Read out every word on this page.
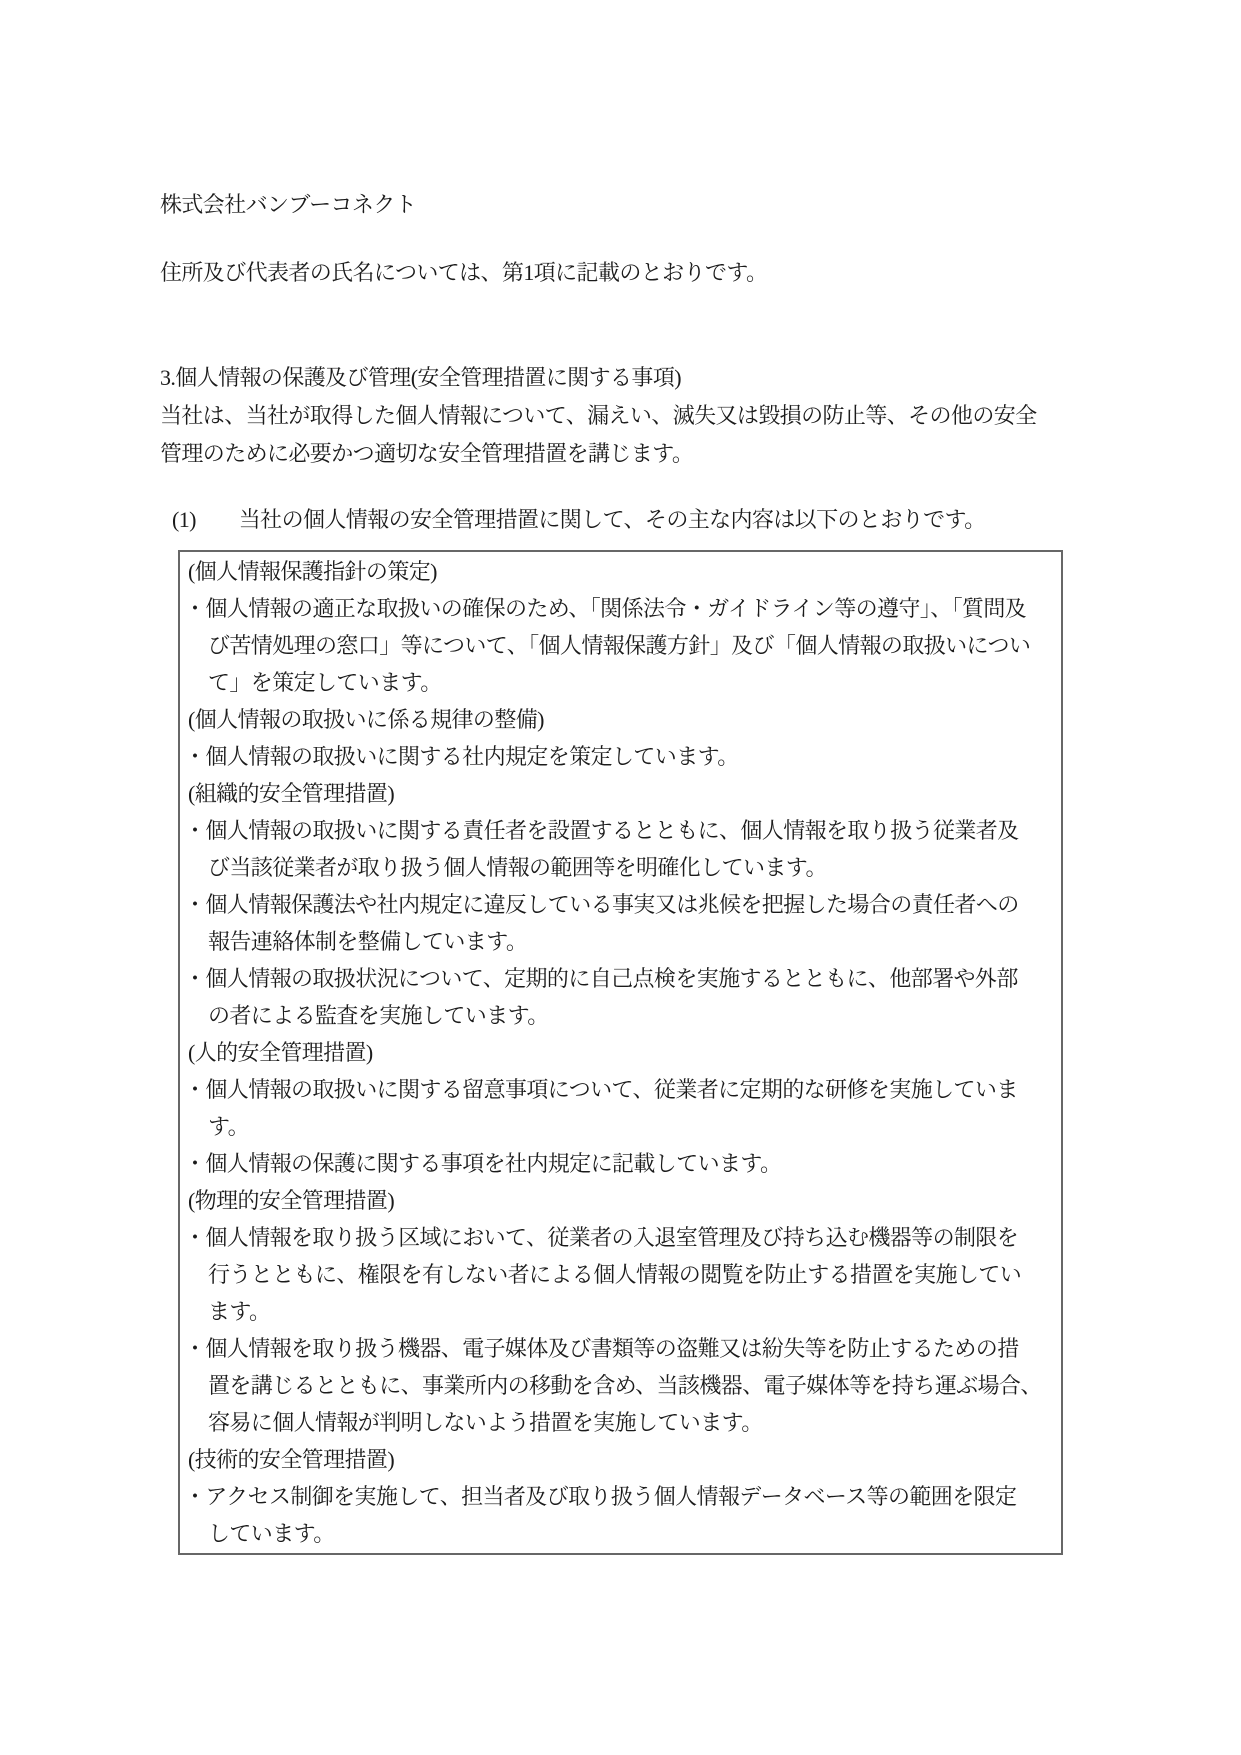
株式会社バンブーコネクト
住所及び代表者の氏名については、第1項に記載のとおりです。
3.個人情報の保護及び管理(安全管理措置に関する事項)
当社は、当社が取得した個人情報について、漏えい、滅失又は毀損の防止等、その他の安全
管理のために必要かつ適切な安全管理措置を講じます。
(1) 当社の個人情報の安全管理措置に関して、その主な内容は以下のとおりです。
(個人情報保護指針の策定)
・個人情報の適正な取扱いの確保のため、「関係法令・ガイドライン等の遵守」、「質問及
び苦情処理の窓口」等について、「個人情報保護方針」及び「個人情報の取扱いについ
て」を策定しています。
(個人情報の取扱いに係る規律の整備)
・個人情報の取扱いに関する社内規定を策定しています。
(組織的安全管理措置)
・個人情報の取扱いに関する責任者を設置するとともに、個人情報を取り扱う従業者及
び当該従業者が取り扱う個人情報の範囲等を明確化しています。
・個人情報保護法や社内規定に違反している事実又は兆候を把握した場合の責任者への
報告連絡体制を整備しています。
・個人情報の取扱状況について、定期的に自己点検を実施するとともに、他部署や外部
の者による監査を実施しています。
(人的安全管理措置)
・個人情報の取扱いに関する留意事項について、従業者に定期的な研修を実施していま
す。
・個人情報の保護に関する事項を社内規定に記載しています。
(物理的安全管理措置)
・個人情報を取り扱う区域において、従業者の入退室管理及び持ち込む機器等の制限を
行うとともに、権限を有しない者による個人情報の閲覧を防止する措置を実施してい
ます。
・個人情報を取り扱う機器、電子媒体及び書類等の盗難又は紛失等を防止するための措
置を講じるとともに、事業所内の移動を含め、当該機器、電子媒体等を持ち運ぶ場合、
容易に個人情報が判明しないよう措置を実施しています。
(技術的安全管理措置)
・アクセス制御を実施して、担当者及び取り扱う個人情報データベース等の範囲を限定
しています。
